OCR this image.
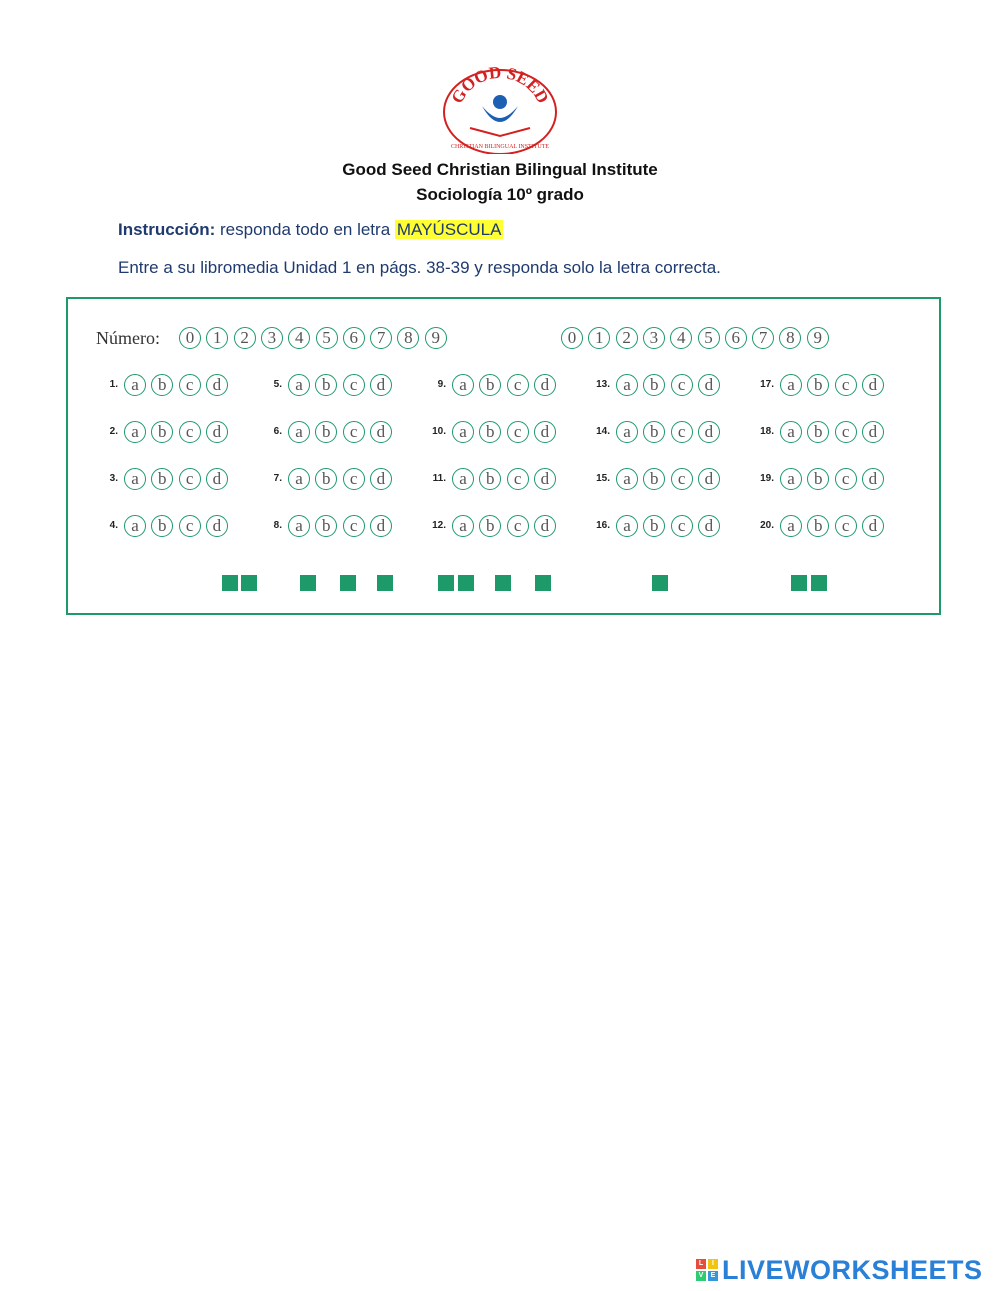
GOOD SEED
CHRISTIAN BILINGUAL INSTITUTE
Good Seed Christian Bilingual Institute
Sociología 10º grado
Instrucción: responda todo en letra MAYÚSCULA
Entre a su libromedia Unidad 1 en págs. 38-39 y responda solo la letra correcta.
Número:	0	1	2	3	4	5	6	7	8	9	0	1	2	3	4	5	6	7	8	9
1. a	b	c	d
2. a	b	c	d
3. a	b	c	d
4. a	b	c	d
5. a	b	c	d
6. a	b	c	d
7. a	b	c	d
8. a	b	c	d
9. a	b	c	d
10. a	b	c	d
11. a	b	c	d
12. a	b	c	d
13. a	b	c	d
14. a	b	c	d
15. a	b	c	d
16. a	b	c	d
17. a	b	c	d
18. a	b	c	d
19. a	b	c	d
20. a	b	c	d
L	I
V	E LIVEWORKSHEETS
